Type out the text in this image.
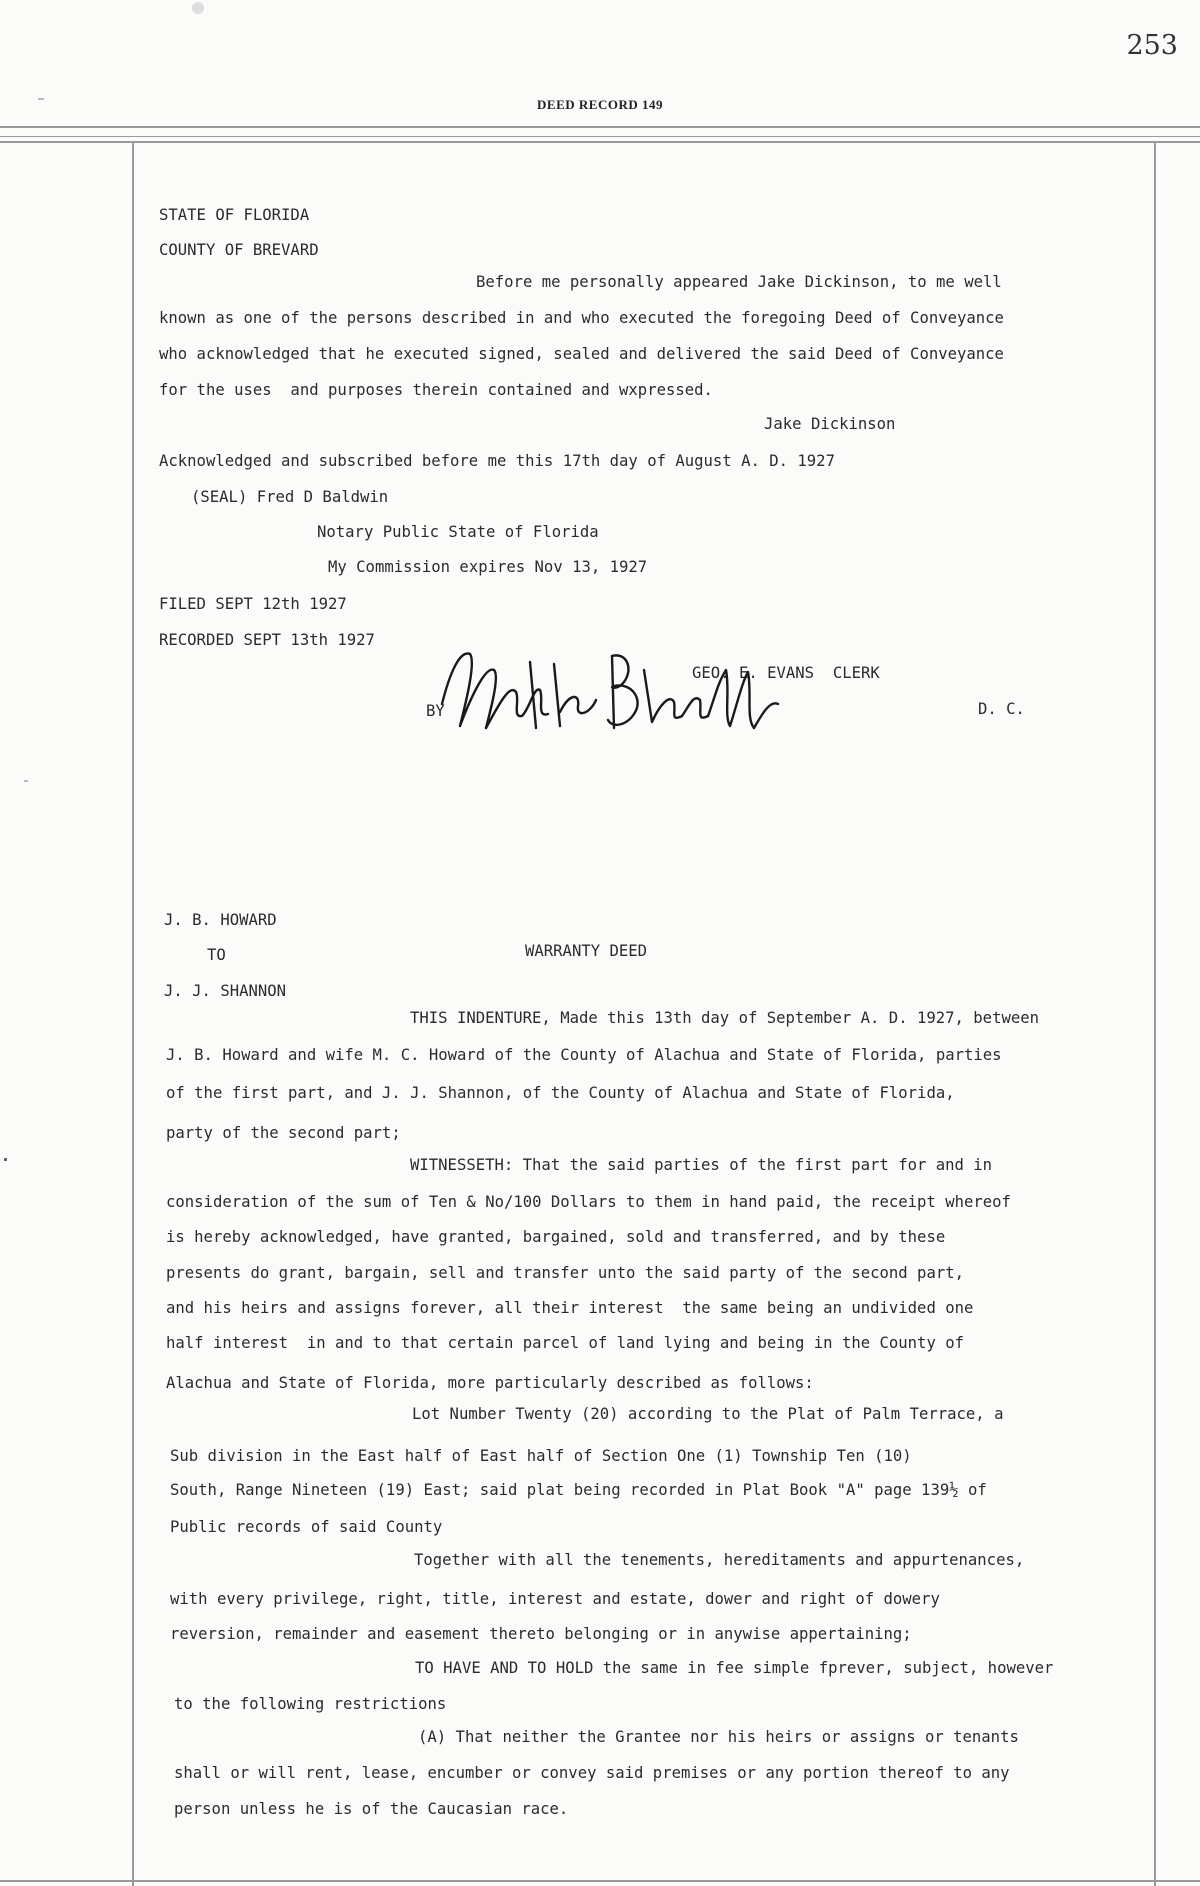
253
DEED RECORD 149
STATE OF FLORIDA
COUNTY OF BREVARD
Before me personally appeared Jake Dickinson, to me well
known as one of the persons described in and who executed the foregoing Deed of Conveyance
who acknowledged that he executed signed, sealed and delivered the said Deed of Conveyance
for the uses  and purposes therein contained and wxpressed.
Jake Dickinson
Acknowledged and subscribed before me this 17th day of August A. D. 1927
(SEAL) Fred D Baldwin
Notary Public State of Florida
My Commission expires Nov 13, 1927
FILED SEPT 12th 1927
RECORDED SEPT 13th 1927
GEO. E. EVANS  CLERK
BY	D. C.
J. B. HOWARD
TO	WARRANTY DEED
J. J. SHANNON
THIS INDENTURE, Made this 13th day of September A. D. 1927, between
J. B. Howard and wife M. C. Howard of the County of Alachua and State of Florida, parties
of the first part, and J. J. Shannon, of the County of Alachua and State of Florida,
party of the second part;
WITNESSETH: That the said parties of the first part for and in
consideration of the sum of Ten & No/100 Dollars to them in hand paid, the receipt whereof
is hereby acknowledged, have granted, bargained, sold and transferred, and by these
presents do grant, bargain, sell and transfer unto the said party of the second part,
and his heirs and assigns forever, all their interest  the same being an undivided one
half interest  in and to that certain parcel of land lying and being in the County of
Alachua and State of Florida, more particularly described as follows:
Lot Number Twenty (20) according to the Plat of Palm Terrace, a
Sub division in the East half of East half of Section One (1) Township Ten (10)
South, Range Nineteen (19) East; said plat being recorded in Plat Book "A" page 139½ of
Public records of said County
Together with all the tenements, hereditaments and appurtenances,
with every privilege, right, title, interest and estate, dower and right of dowery
reversion, remainder and easement thereto belonging or in anywise appertaining;
TO HAVE AND TO HOLD the same in fee simple fprever, subject, however
to the following restrictions
(A) That neither the Grantee nor his heirs or assigns or tenants
shall or will rent, lease, encumber or convey said premises or any portion thereof to any
person unless he is of the Caucasian race.
